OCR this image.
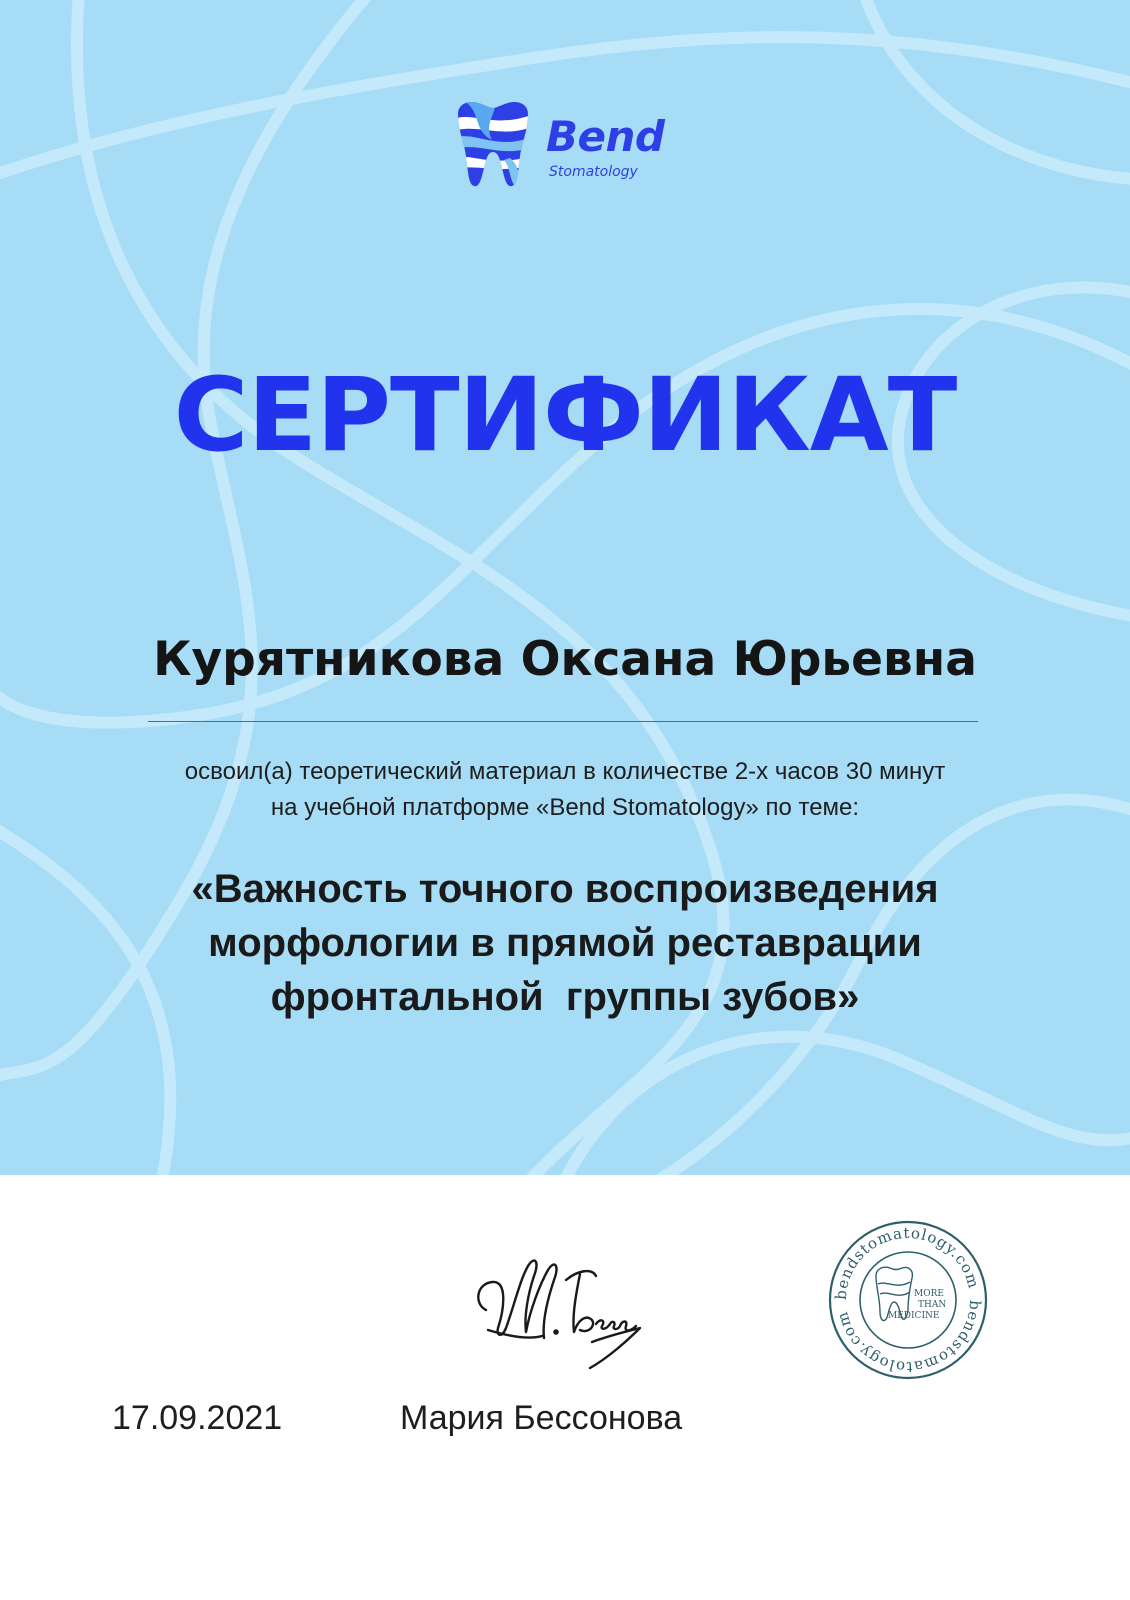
Bend
Stomatology
СЕРТИФИКАТ
Курятникова Оксана Юрьевна
освоил(а) теоретический материал в количестве 2-х часов 30 минут
на учебной платформе «Bend Stomatology» по теме:
«Важность точного воспроизведения
морфологии в прямой реставрации
фронтальной  группы зубов»
17.09.2021	Мария Бессонова
bendstomatology.com
bendstomatology.com
MORE
THAN
MEDICINE
